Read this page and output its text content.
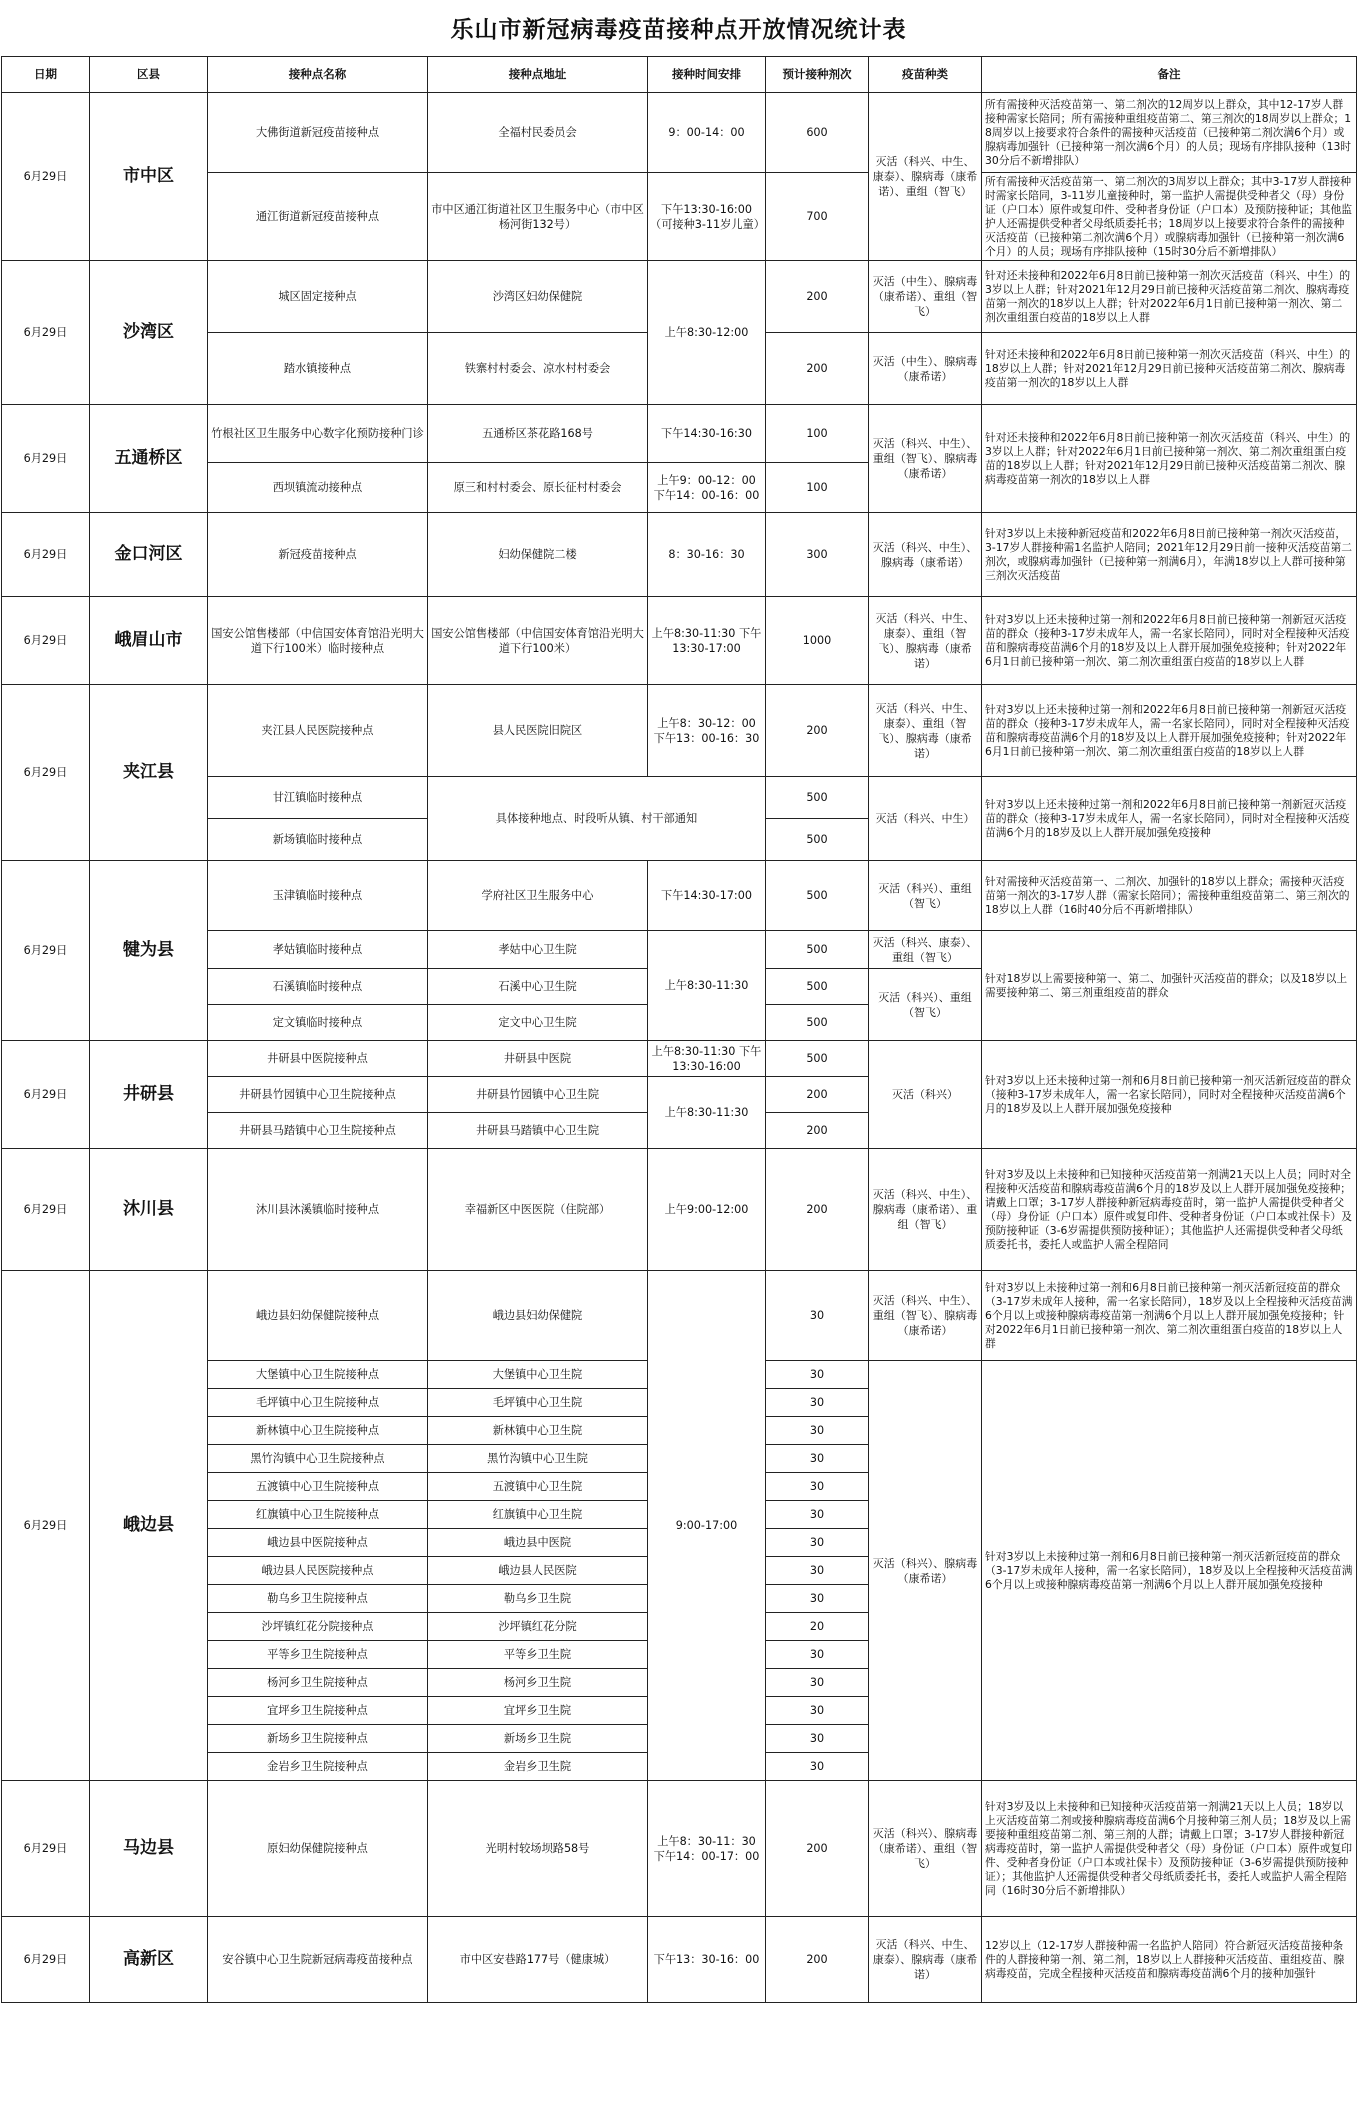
乐山市新冠病毒疫苗接种点开放情况统计表
日期	区县	接种点名称	接种点地址	接种时间安排	预计接种剂次	疫苗种类	备注
6月29日	市中区	大佛街道新冠疫苗接种点	全福村民委员会	9：00-14：00	600	灭活（科兴、中生、康泰）、腺病毒（康希诺）、重组（智飞）	所有需接种灭活疫苗第一、第二剂次的12周岁以上群众，其中12-17岁人群接种需家长陪同；所有需接种重组疫苗第二、第三剂次的18周岁以上群众；18周岁以上接要求符合条件的需接种灭活疫苗（已接种第二剂次满6个月）或腺病毒加强针（已接种第一剂次满6个月）的人员；现场有序排队接种（13时30分后不新增排队）
		通江街道新冠疫苗接种点	市中区通江街道社区卫生服务中心（市中区杨河街132号）	下午13:30-16:00（可接种3-11岁儿童）	700		所有需接种灭活疫苗第一、第二剂次的3周岁以上群众；其中3-17岁人群接种时需家长陪同，3-11岁儿童接种时，第一监护人需提供受种者父（母）身份证（户口本）原件或复印件、受种者身份证（户口本）及预防接种证；其他监护人还需提供受种者父母纸质委托书；18周岁以上接要求符合条件的需接种灭活疫苗（已接种第二剂次满6个月）或腺病毒加强针（已接种第一剂次满6个月）的人员；现场有序排队接种（15时30分后不新增排队）
6月29日	沙湾区	城区固定接种点	沙湾区妇幼保健院	上午8:30-12:00	200	灭活（中生）、腺病毒（康希诺）、重组（智飞）	针对还未接种和2022年6月8日前已接种第一剂次灭活疫苗（科兴、中生）的3岁以上人群；针对2021年12月29日前已接种灭活疫苗第二剂次、腺病毒疫苗第一剂次的18岁以上人群；针对2022年6月1日前已接种第一剂次、第二剂次重组蛋白疫苗的18岁以上人群
		踏水镇接种点	铁寨村村委会、凉水村村委会		200	灭活（中生）、腺病毒（康希诺）	针对还未接种和2022年6月8日前已接种第一剂次灭活疫苗（科兴、中生）的18岁以上人群；针对2021年12月29日前已接种灭活疫苗第二剂次、腺病毒疫苗第一剂次的18岁以上人群
6月29日	五通桥区	竹根社区卫生服务中心数字化预防接种门诊	五通桥区茶花路168号	下午14:30-16:30	100	灭活（科兴、中生）、重组（智飞）、腺病毒（康希诺）	针对还未接种和2022年6月8日前已接种第一剂次灭活疫苗（科兴、中生）的3岁以上人群；针对2022年6月1日前已接种第一剂次、第二剂次重组蛋白疫苗的18岁以上人群；针对2021年12月29日前已接种灭活疫苗第二剂次、腺病毒疫苗第一剂次的18岁以上人群
		西坝镇流动接种点	原三和村村委会、原长征村村委会	上午9：00-12：00 下午14：00-16：00	100		
6月29日	金口河区	新冠疫苗接种点	妇幼保健院二楼	8：30-16：30	300	灭活（科兴、中生）、腺病毒（康希诺）	针对3岁以上未接种新冠疫苗和2022年6月8日前已接种第一剂次灭活疫苗，3-17岁人群接种需1名监护人陪同；2021年12月29日前一接种灭活疫苗第二剂次，或腺病毒加强针（已接种第一剂满6月），年满18岁以上人群可接种第三剂次灭活疫苗
6月29日	峨眉山市	国安公馆售楼部（中信国安体育馆沿光明大道下行100米）临时接种点	国安公馆售楼部（中信国安体育馆沿光明大道下行100米）	上午8:30-11:30 下午13:30-17:00	1000	灭活（科兴、中生、康泰）、重组（智飞）、腺病毒（康希诺）	针对3岁以上还未接种过第一剂和2022年6月8日前已接种第一剂新冠灭活疫苗的群众（接种3-17岁未成年人，需一名家长陪同），同时对全程接种灭活疫苗和腺病毒疫苗满6个月的18岁及以上人群开展加强免疫接种；针对2022年6月1日前已接种第一剂次、第二剂次重组蛋白疫苗的18岁以上人群
6月29日	夹江县	夹江县人民医院接种点	县人民医院旧院区	上午8：30-12：00 下午13：00-16：30	200	灭活（科兴、中生、康泰）、重组（智飞）、腺病毒（康希诺）	针对3岁以上还未接种过第一剂和2022年6月8日前已接种第一剂新冠灭活疫苗的群众（接种3-17岁未成年人，需一名家长陪同），同时对全程接种灭活疫苗和腺病毒疫苗满6个月的18岁及以上人群开展加强免疫接种；针对2022年6月1日前已接种第一剂次、第二剂次重组蛋白疫苗的18岁以上人群
		甘江镇临时接种点	具体接种地点、时段听从镇、村干部通知		500	灭活（科兴、中生）	针对3岁以上还未接种过第一剂和2022年6月8日前已接种第一剂新冠灭活疫苗的群众（接种3-17岁未成年人，需一名家长陪同），同时对全程接种灭活疫苗满6个月的18岁及以上人群开展加强免疫接种
		新场镇临时接种点			500		
6月29日	犍为县	玉津镇临时接种点	学府社区卫生服务中心	下午14:30-17:00	500	灭活（科兴）、重组（智飞）	针对需接种灭活疫苗第一、二剂次、加强针的18岁以上群众；需接种灭活疫苗第一剂次的3-17岁人群（需家长陪同）；需接种重组疫苗第二、第三剂次的18岁以上人群（16时40分后不再新增排队）
		孝姑镇临时接种点	孝姑中心卫生院	上午8:30-11:30	500	灭活（科兴、康泰）、重组（智飞）	针对18岁以上需要接种第一、第二、加强针灭活疫苗的群众；以及18岁以上需要接种第二、第三剂重组疫苗的群众
		石溪镇临时接种点	石溪中心卫生院		500	灭活（科兴）、重组（智飞）	
		定文镇临时接种点	定文中心卫生院		500		
6月29日	井研县	井研县中医院接种点	井研县中医院	上午8:30-11:30 下午13:30-16:00	500	灭活（科兴）	针对3岁以上还未接种过第一剂和6月8日前已接种第一剂灭活新冠疫苗的群众（接种3-17岁未成年人，需一名家长陪同），同时对全程接种灭活疫苗满6个月的18岁及以上人群开展加强免疫接种
		井研县竹园镇中心卫生院接种点	井研县竹园镇中心卫生院	上午8:30-11:30	200		
		井研县马踏镇中心卫生院接种点	井研县马踏镇中心卫生院		200		
6月29日	沐川县	沐川县沐溪镇临时接种点	幸福新区中医医院（住院部）	上午9:00-12:00	200	灭活（科兴、中生）、腺病毒（康希诺）、重组（智飞）	针对3岁及以上未接种和已知接种灭活疫苗第一剂满21天以上人员；同时对全程接种灭活疫苗和腺病毒疫苗满6个月的18岁及以上人群开展加强免疫接种；请戴上口罩；3-17岁人群接种新冠病毒疫苗时，第一监护人需提供受种者父（母）身份证（户口本）原件或复印件、受种者身份证（户口本或社保卡）及预防接种证（3-6岁需提供预防接种证）；其他监护人还需提供受种者父母纸质委托书，委托人或监护人需全程陪同
6月29日	峨边县	峨边县妇幼保健院接种点	峨边县妇幼保健院	9:00-17:00	30	灭活（科兴、中生）、重组（智飞）、腺病毒（康希诺）	针对3岁以上未接种过第一剂和6月8日前已接种第一剂灭活新冠疫苗的群众（3-17岁未成年人接种，需一名家长陪同），18岁及以上全程接种灭活疫苗满6个月以上或接种腺病毒疫苗第一剂满6个月以上人群开展加强免疫接种；针对2022年6月1日前已接种第一剂次、第二剂次重组蛋白疫苗的18岁以上人群
		大堡镇中心卫生院接种点	大堡镇中心卫生院		30	灭活（科兴）、腺病毒（康希诺）	针对3岁以上未接种过第一剂和6月8日前已接种第一剂灭活新冠疫苗的群众（3-17岁未成年人接种，需一名家长陪同），18岁及以上全程接种灭活疫苗满6个月以上或接种腺病毒疫苗第一剂满6个月以上人群开展加强免疫接种
		毛坪镇中心卫生院接种点	毛坪镇中心卫生院		30		
		新林镇中心卫生院接种点	新林镇中心卫生院		30		
		黑竹沟镇中心卫生院接种点	黑竹沟镇中心卫生院		30		
		五渡镇中心卫生院接种点	五渡镇中心卫生院		30		
		红旗镇中心卫生院接种点	红旗镇中心卫生院		30		
		峨边县中医院接种点	峨边县中医院		30		
		峨边县人民医院接种点	峨边县人民医院		30		
		勒乌乡卫生院接种点	勒乌乡卫生院		30		
		沙坪镇红花分院接种点	沙坪镇红花分院		20		
		平等乡卫生院接种点	平等乡卫生院		30		
		杨河乡卫生院接种点	杨河乡卫生院		30		
		宜坪乡卫生院接种点	宜坪乡卫生院		30		
		新场乡卫生院接种点	新场乡卫生院		30		
		金岩乡卫生院接种点	金岩乡卫生院		30		
6月29日	马边县	原妇幼保健院接种点	光明村较场坝路58号	上午8：30-11：30 下午14：00-17：00	200	灭活（科兴）、腺病毒（康希诺）、重组（智飞）	针对3岁及以上未接种和已知接种灭活疫苗第一剂满21天以上人员；18岁以上灭活疫苗第二剂或接种腺病毒疫苗满6个月接种第三剂人员；18岁及以上需要接种重组疫苗第二剂、第三剂的人群；请戴上口罩；3-17岁人群接种新冠病毒疫苗时，第一监护人需提供受种者父（母）身份证（户口本）原件或复印件、受种者身份证（户口本或社保卡）及预防接种证（3-6岁需提供预防接种证）；其他监护人还需提供受种者父母纸质委托书，委托人或监护人需全程陪同（16时30分后不新增排队）
6月29日	高新区	安谷镇中心卫生院新冠病毒疫苗接种点	市中区安巷路177号（健康城）	下午13：30-16：00	200	灭活（科兴、中生、康泰）、腺病毒（康希诺）	12岁以上（12-17岁人群接种需一名监护人陪同）符合新冠灭活疫苗接种条件的人群接种第一剂、第二剂，18岁以上人群接种灭活疫苗、重组疫苗、腺病毒疫苗，完成全程接种灭活疫苗和腺病毒疫苗满6个月的接种加强针
